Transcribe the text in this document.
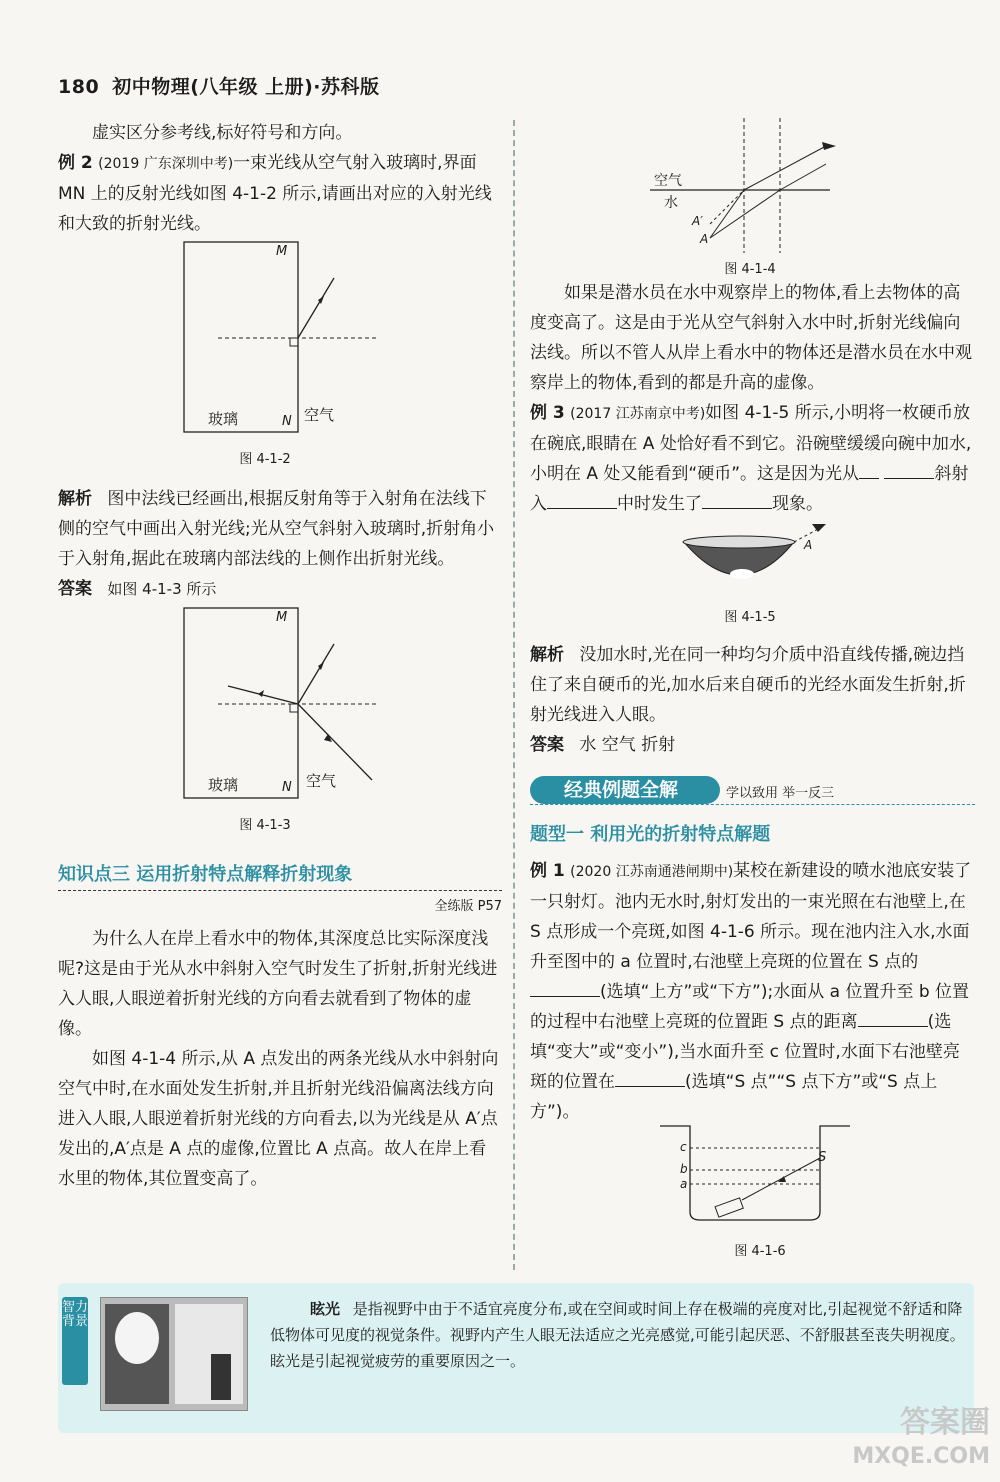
180 初中物理(八年级 上册)·苏科版
虚实区分参考线,标好符号和方向。
例 2 (2019 广东深圳中考)一束光线从空气射入玻璃时,界面 MN 上的反射光线如图 4-1-2 所示,请画出对应的入射光线和大致的折射光线。
M
N
玻璃	空气
图 4-1-2
解析 图中法线已经画出,根据反射角等于入射角在法线下侧的空气中画出入射光线;光从空气斜射入玻璃时,折射角小于入射角,据此在玻璃内部法线的上侧作出折射光线。
答案 如图 4-1-3 所示
M
N
玻璃	空气
图 4-1-3
知识点三 运用折射特点解释折射现象
全练版 P57
为什么人在岸上看水中的物体,其深度总比实际深度浅呢?这是由于光从水中斜射入空气时发生了折射,折射光线进入人眼,人眼逆着折射光线的方向看去就看到了物体的虚像。
如图 4-1-4 所示,从 A 点发出的两条光线从水中斜射向空气中时,在水面处发生折射,并且折射光线沿偏离法线方向进入人眼,人眼逆着折射光线的方向看去,以为光线是从 A′点发出的,A′点是 A 点的虚像,位置比 A 点高。故人在岸上看水里的物体,其位置变高了。
空气
水
A′
A
图 4-1-4
如果是潜水员在水中观察岸上的物体,看上去物体的高度变高了。这是由于光从空气斜射入水中时,折射光线偏向法线。所以不管人从岸上看水中的物体还是潜水员在水中观察岸上的物体,看到的都是升高的虚像。
例 3 (2017 江苏南京中考)如图 4-1-5 所示,小明将一枚硬币放在碗底,眼睛在 A 处恰好看不到它。沿碗壁缓缓向碗中加水,小明在 A 处又能看到“硬币”。这是因为光从	斜射入	中时发生了	现象。
A
图 4-1-5
解析 没加水时,光在同一种均匀介质中沿直线传播,碗边挡住了来自硬币的光,加水后来自硬币的光经水面发生折射,折射光线进入人眼。
答案 水 空气 折射
经典例题全解	学以致用 举一反三
题型一 利用光的折射特点解题
例 1 (2020 江苏南通港闸期中)某校在新建设的喷水池底安装了一只射灯。池内无水时,射灯发出的一束光照在右池壁上,在 S 点形成一个亮斑,如图 4-1-6 所示。现在池内注入水,水面升至图中的 a 位置时,右池壁上亮斑的位置在 S 点的(选填“上方”或“下方”);水面从 a 位置升至 b 位置的过程中右池壁上亮斑的位置距 S 点的距离	(选填“变大”或“变小”),当水面升至 c 位置时,水面下右池壁亮斑的位置在	(选填“S 点”“S 点下方”或“S 点上方”)。
c
b
a
S
图 4-1-6
智力背景
眩光 是指视野中由于不适宜亮度分布,或在空间或时间上存在极端的亮度对比,引起视觉不舒适和降低物体可见度的视觉条件。视野内产生人眼无法适应之光亮感觉,可能引起厌恶、不舒服甚至丧失明视度。眩光是引起视觉疲劳的重要原因之一。
答案圈
MXQE.COM
